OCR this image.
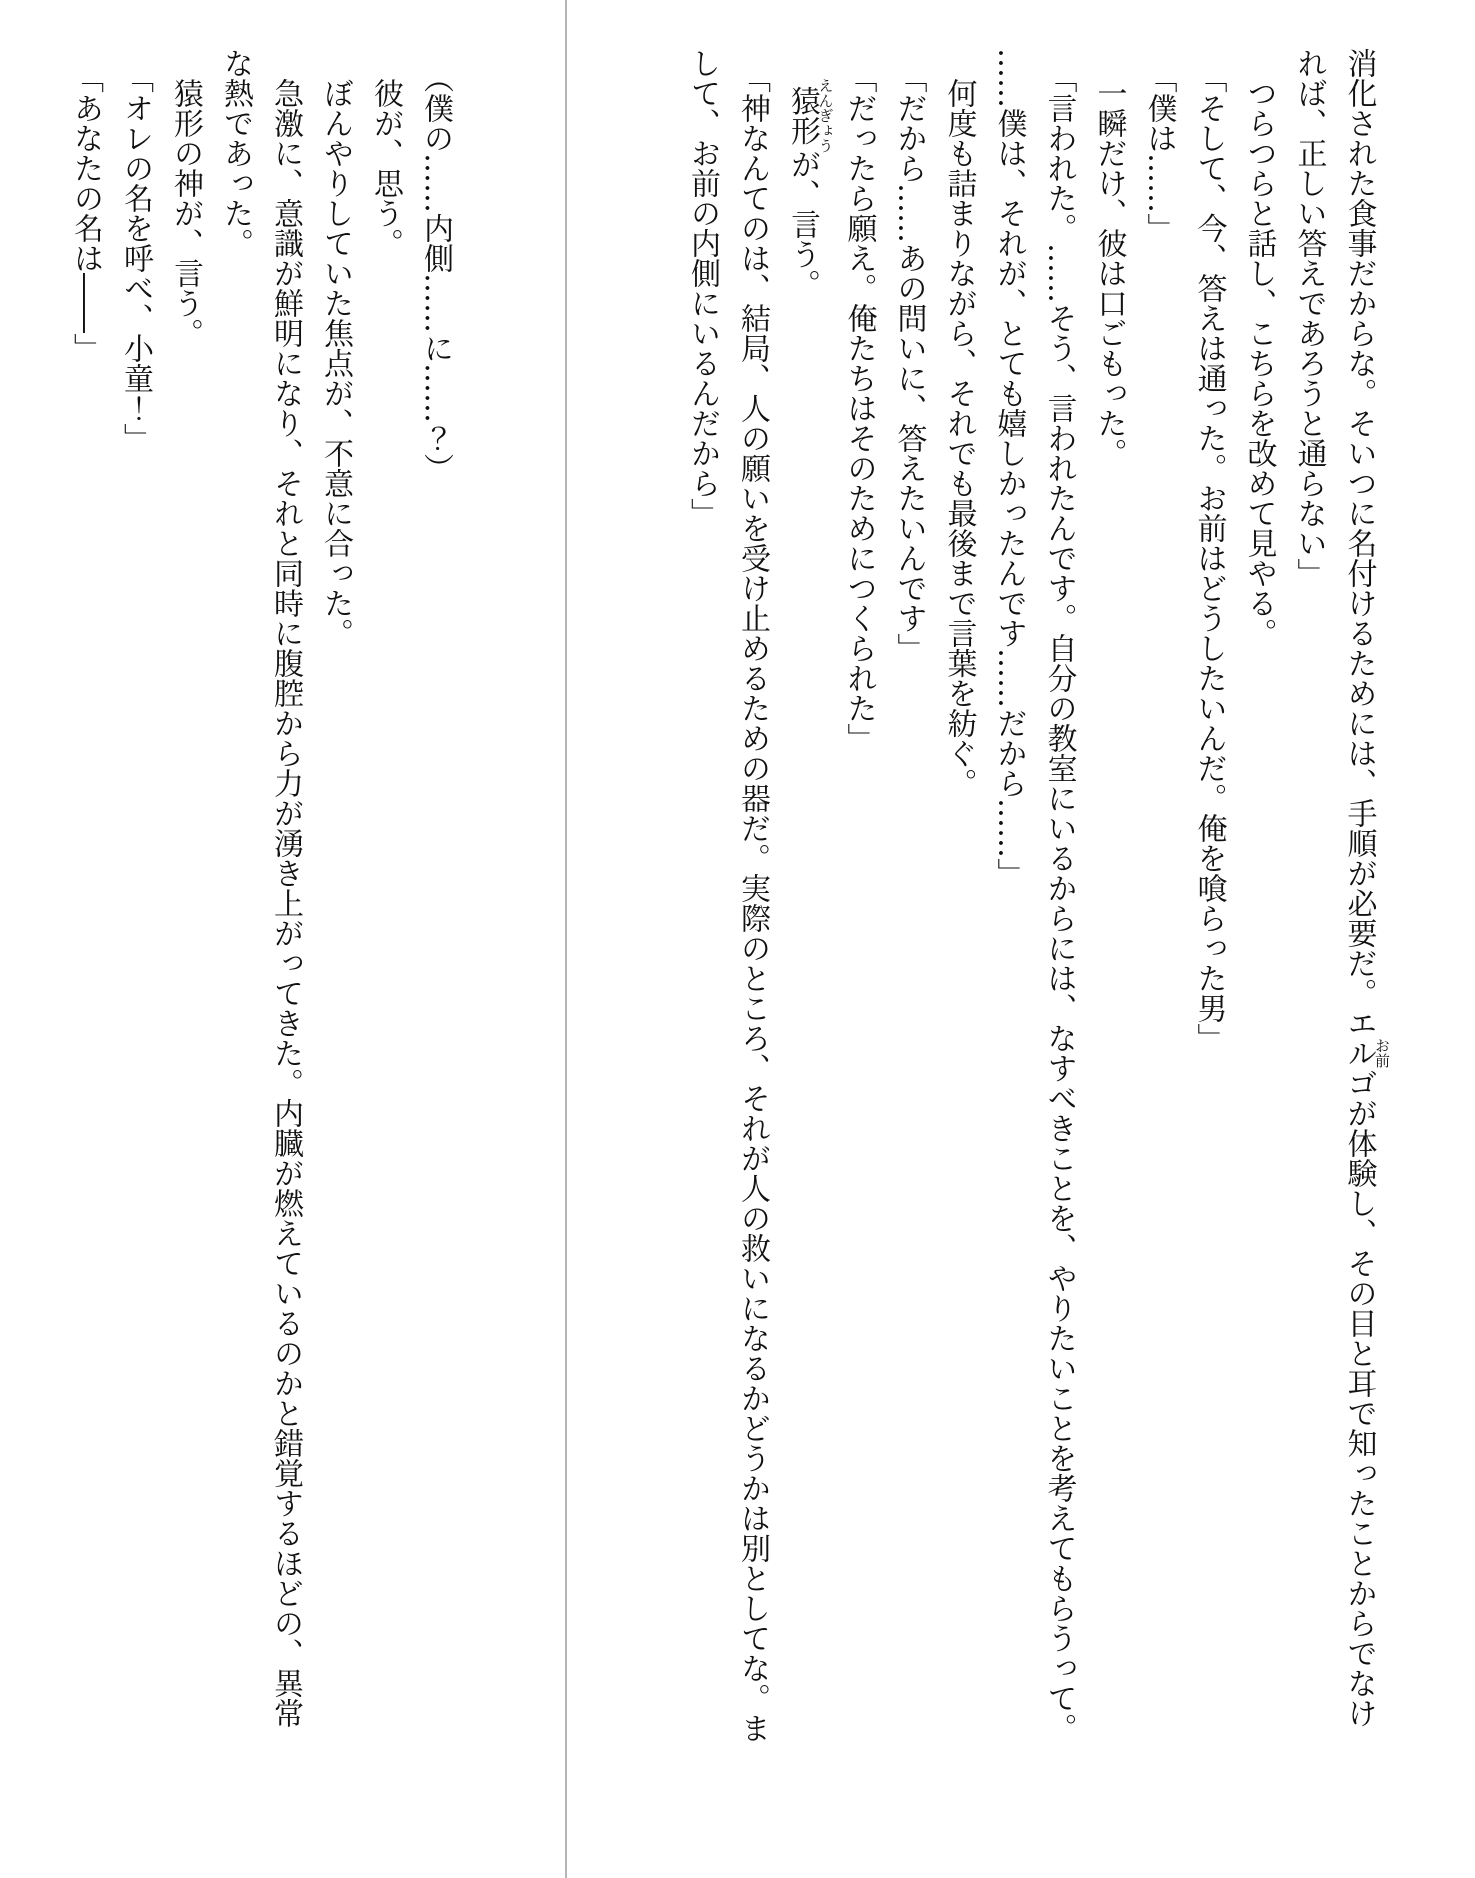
消化された食事だからな。そいつに名付けるためには、手順が必要だ。エルゴお前が体験し、その目と耳で知ったことからでなけ
れば、正しい答えであろうと通らない」
つらつらと話し、こちらを改めて見やる。
「そして、今、答えは通った。お前はどうしたいんだ。俺を喰らった男」
「僕は……」
一瞬だけ、彼は口ごもった。
「言われた。……そう、言われたんです。自分の教室にいるからには、なすべきことを、やりたいことを考えてもらうって。
……僕は、それが、とても嬉しかったんです……だから……」
何度も詰まりながら、それでも最後まで言葉を紡ぐ。
「だから……あの問いに、答えたいんです」
「だったら願え。俺たちはそのためにつくられた」
猿形えんぎょうが、言う。
「神なんてのは、結局、人の願いを受け止めるための器だ。実際のところ、それが人の救いになるかどうかは別としてな。ま
して、お前の内側にいるんだから」
（僕の……内側……に……？）
彼が、思う。
ぼんやりしていた焦点が、不意に合った。
急激に、意識が鮮明になり、それと同時に腹腔から力が湧き上がってきた。内臓が燃えているのかと錯覚するほどの、異常
な熱であった。
猿形の神が、言う。
「オレの名を呼べ、小童！」
「あなたの名は――」
